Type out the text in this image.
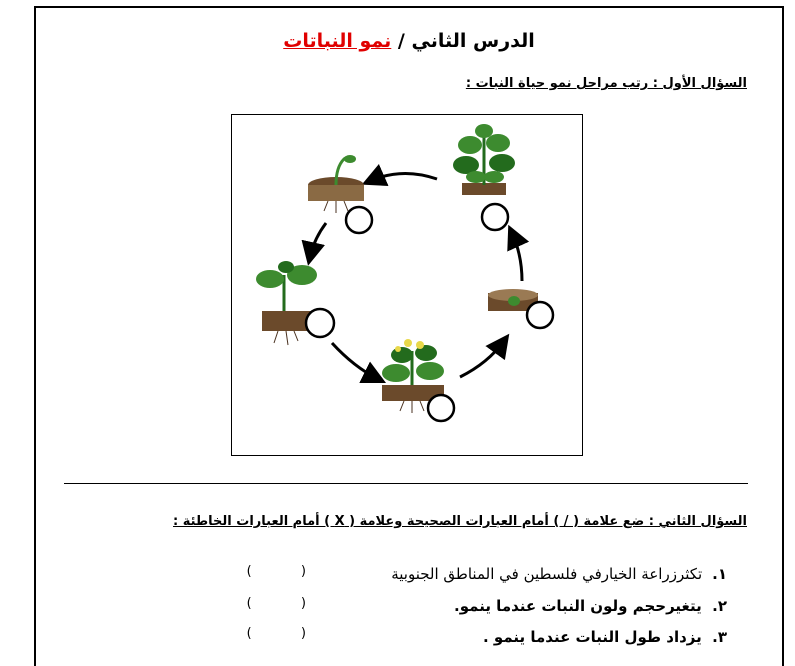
الدرس الثاني / نمو النباتات
السؤال الأول : رتب مراحل نمو حياة النبات :
السؤال الثاني : ضع علامة ( / ) أمام العبارات الصحيحة وعلامة ( X ) أمام العبارات الخاطئة :
١. تكثرزراعة الخيارفي فلسطين في المناطق الجنوبية
(      )
٢. يتغيرحجم ولون النبات عندما ينمو.
(      )
٣. يزداد طول النبات عندما ينمو .
(      )
